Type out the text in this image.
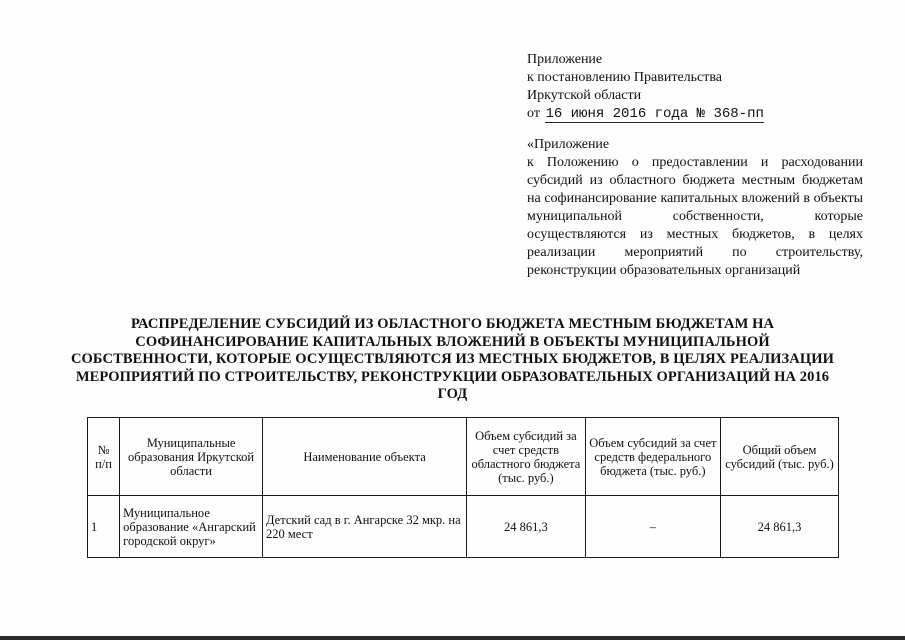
Приложение
к постановлению Правительства
Иркутской области
от 16 июня 2016 года № 368-пп
«Приложение
к Положению о предоставлении и расходовании субсидий из областного бюджета местным бюджетам на софинансирование капитальных вложений в объекты муниципальной собственности, которые осуществляются из местных бюджетов, в целях реализации мероприятий по строительству, реконструкции образовательных организаций
РАСПРЕДЕЛЕНИЕ СУБСИДИЙ ИЗ ОБЛАСТНОГО БЮДЖЕТА МЕСТНЫМ БЮДЖЕТАМ НА СОФИНАНСИРОВАНИЕ КАПИТАЛЬНЫХ ВЛОЖЕНИЙ В ОБЪЕКТЫ МУНИЦИПАЛЬНОЙ СОБСТВЕННОСТИ, КОТОРЫЕ ОСУЩЕСТВЛЯЮТСЯ ИЗ МЕСТНЫХ БЮДЖЕТОВ, В ЦЕЛЯХ РЕАЛИЗАЦИИ МЕРОПРИЯТИЙ ПО СТРОИТЕЛЬСТВУ, РЕКОНСТРУКЦИИ ОБРАЗОВАТЕЛЬНЫХ ОРГАНИЗАЦИЙ НА 2016 ГОД
№ п/п	Муниципальные образования Иркутской области	Наименование объекта	Объем субсидий за счет средств областного бюджета (тыс. руб.)	Объем субсидий за счет средств федерального бюджета (тыс. руб.)	Общий объем субсидий (тыс. руб.)
1	Муниципальное образование «Ангарский городской округ»	Детский сад в г. Ангарске 32 мкр. на 220 мест	24 861,3	–	24 861,3
